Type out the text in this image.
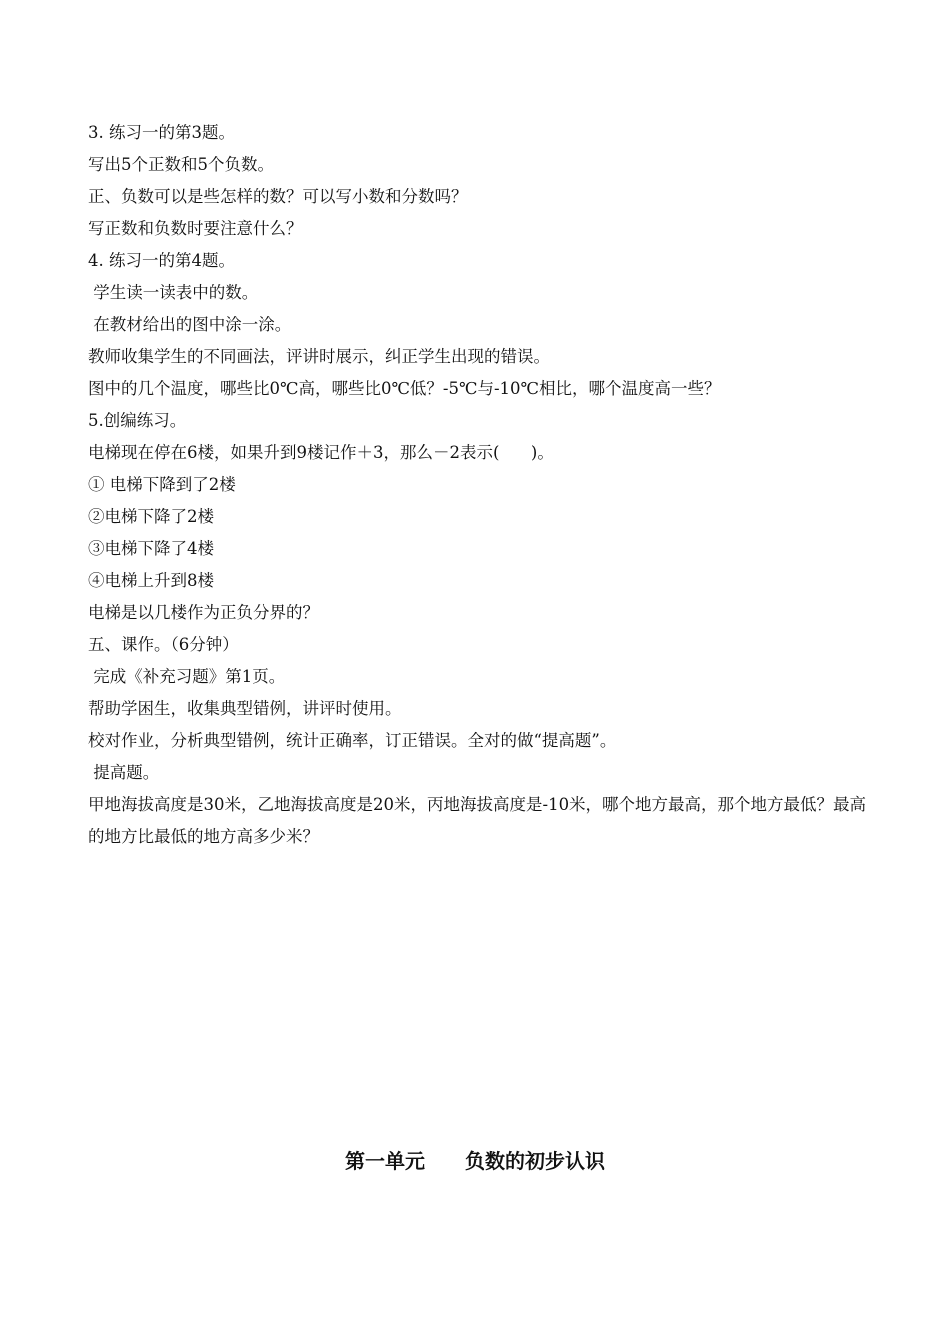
3. 练习一的第3题。

写出5个正数和5个负数。

正、负数可以是些怎样的数？可以写小数和分数吗？

写正数和负数时要注意什么？

4. 练习一的第4题。

学生读一读表中的数。

在教材给出的图中涂一涂。

教师收集学生的不同画法，评讲时展示，纠正学生出现的错误。

图中的几个温度，哪些比0℃高，哪些比0℃低？-5℃与-10℃相比，哪个温度高一些？

5.创编练习。

电梯现在停在6楼，如果升到9楼记作＋3，那么－2表示(      )。

① 电梯下降到了2楼

②电梯下降了2楼

③电梯下降了4楼

④电梯上升到8楼

电梯是以几楼作为正负分界的？

五、课作。（6分钟）

完成《补充习题》第1页。

帮助学困生，收集典型错例，讲评时使用。

校对作业，分析典型错例，统计正确率，订正错误。全对的做“提高题”。

提高题。

甲地海拔高度是30米，乙地海拔高度是20米，丙地海拔高度是-10米，哪个地方最高，那个地方最低？最高的地方比最低的地方高多少米？

第一单元　　负数的初步认识
